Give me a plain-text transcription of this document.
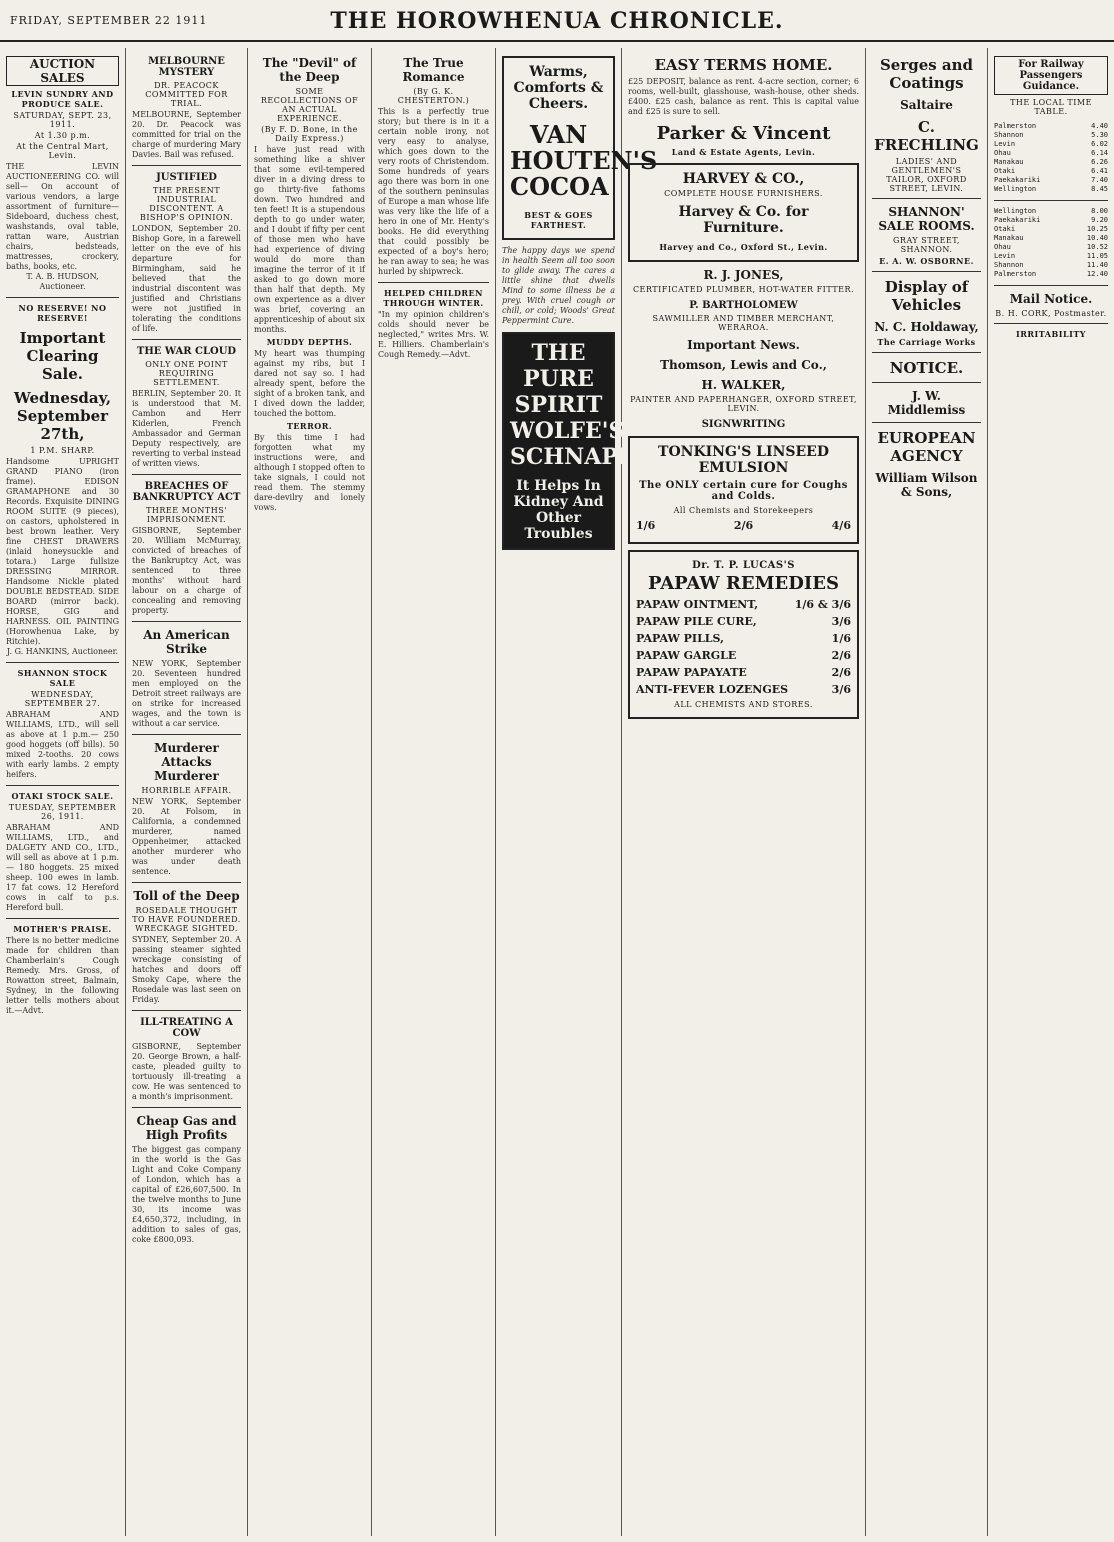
FRIDAY, SEPTEMBER 22 1911	THE HOROWHENUA CHRONICLE.
AUCTION SALES
LEVIN SUNDRY AND PRODUCE SALE.
SATURDAY, SEPT. 23, 1911.
At 1.30 p.m.
At the Central Mart, Levin.
THE LEVIN AUCTIONEERING CO. will sell— On account of various vendors, a large assortment of furniture— Sideboard, duchess chest, washstands, oval table, rattan ware, Austrian chairs, bedsteads, mattresses, crockery, baths, books, etc.
T. A. B. HUDSON, Auctioneer.
NO RESERVE! NO RESERVE!
Important Clearing Sale.
Wednesday, September 27th,
1 P.M. SHARP.
Handsome UPRIGHT GRAND PIANO (iron frame). EDISON GRAMAPHONE and 30 Records. Exquisite DINING ROOM SUITE (9 pieces), on castors, upholstered in best brown leather. Very fine CHEST DRAWERS (inlaid honeysuckle and totara.) Large fullsize DRESSING MIRROR. Handsome Nickle plated DOUBLE BEDSTEAD. SIDE BOARD (mirror back). HORSE, GIG and HARNESS. OIL PAINTING (Horowhenua Lake, by Ritchie).
J. G. HANKINS, Auctioneer.
SHANNON STOCK SALE
WEDNESDAY, SEPTEMBER 27.
ABRAHAM AND WILLIAMS, LTD., will sell as above at 1 p.m.— 250 good hoggets (off bills). 50 mixed 2-tooths. 20 cows with early lambs. 2 empty heifers.
OTAKI STOCK SALE.
TUESDAY, SEPTEMBER 26, 1911.
ABRAHAM AND WILLIAMS, LTD., and DALGETY AND CO., LTD., will sell as above at 1 p.m.— 180 hoggets. 25 mixed sheep. 100 ewes in lamb. 17 fat cows. 12 Hereford cows in calf to p.s. Hereford bull.
MOTHER'S PRAISE.
There is no better medicine made for children than Chamberlain's Cough Remedy. Mrs. Gross, of Rowatton street, Balmain, Sydney, in the following letter tells mothers about it.—Advt.
MELBOURNE MYSTERY
DR. PEACOCK COMMITTED FOR TRIAL.
MELBOURNE, September 20. Dr. Peacock was committed for trial on the charge of murdering Mary Davies. Bail was refused.
JUSTIFIED
THE PRESENT INDUSTRIAL DISCONTENT. A BISHOP'S OPINION.
LONDON, September 20. Bishop Gore, in a farewell letter on the eve of his departure for Birmingham, said he believed that the industrial discontent was justified and Christians were not justified in tolerating the conditions of life.
THE WAR CLOUD
ONLY ONE POINT REQUIRING SETTLEMENT.
BERLIN, September 20. It is understood that M. Cambon and Herr Kiderlen, French Ambassador and German Deputy respectively, are reverting to verbal instead of written views.
BREACHES OF BANKRUPTCY ACT
THREE MONTHS' IMPRISONMENT.
GISBORNE, September 20. William McMurray, convicted of breaches of the Bankruptcy Act, was sentenced to three months' without hard labour on a charge of concealing and removing property.
An American Strike
NEW YORK, September 20. Seventeen hundred men employed on the Detroit street railways are on strike for increased wages, and the town is without a car service.
Murderer Attacks Murderer
HORRIBLE AFFAIR.
NEW YORK, September 20. At Folsom, in California, a condemned murderer, named Oppenheimer, attacked another murderer who was under death sentence.
Toll of the Deep
ROSEDALE THOUGHT TO HAVE FOUNDERED. WRECKAGE SIGHTED.
SYDNEY, September 20. A passing steamer sighted wreckage consisting of hatches and doors off Smoky Cape, where the Rosedale was last seen on Friday.
ILL-TREATING A COW
GISBORNE, September 20. George Brown, a half-caste, pleaded guilty to tortuously ill-treating a cow. He was sentenced to a month's imprisonment.
Cheap Gas and High Profits
The biggest gas company in the world is the Gas Light and Coke Company of London, which has a capital of £26,607,500. In the twelve months to June 30, its income was £4,650,372, including, in addition to sales of gas, coke £800,093.
The "Devil" of the Deep
SOME RECOLLECTIONS OF AN ACTUAL EXPERIENCE.
(By F. D. Bone, in the Daily Express.)
I have just read with something like a shiver that some evil-tempered diver in a diving dress to go thirty-five fathoms down. Two hundred and ten feet! It is a stupendous depth to go under water, and I doubt if fifty per cent of those men who have had experience of diving would do more than imagine the terror of it if asked to go down more than half that depth. My own experience as a diver was brief, covering an apprenticeship of about six months.
MUDDY DEPTHS.
My heart was thumping against my ribs, but I dared not say so. I had already spent, before the sight of a broken tank, and I dived down the ladder, touched the bottom.
TERROR.
By this time I had forgotten what my instructions were, and although I stopped often to take signals, I could not read them. The stemmy dare-devilry and lonely vows.
The True Romance
(By G. K. CHESTERTON.)
This is a perfectly true story; but there is in it a certain noble irony, not very easy to analyse, which goes down to the very roots of Christendom. Some hundreds of years ago there was born in one of the southern peninsulas of Europe a man whose life was very like the life of a hero in one of Mr. Henty's books. He did everything that could possibly be expected of a boy's hero; he ran away to sea; he was hurled by shipwreck.
HELPED CHILDREN THROUGH WINTER.
"In my opinion children's colds should never be neglected," writes Mrs. W. E. Hilliers. Chamberlain's Cough Remedy.—Advt.
Warms, Comforts & Cheers.
VAN HOUTEN'S COCOA
BEST & GOES FARTHEST.
The happy days we spend in health Seem all too soon to glide away. The cares a little shine that dwells Mind to some illness be a prey. With cruel cough or chill, or cold; Woods' Great Peppermint Cure.
THE PURE SPIRIT WOLFE'S SCHNAPPS
It Helps In Kidney And Other Troubles
EASY TERMS HOME.
£25 DEPOSIT, balance as rent. 4-acre section, corner; 6 rooms, well-built, glasshouse, wash-house, other sheds. £400. £25 cash, balance as rent. This is capital value and £25 is sure to sell.
Parker & Vincent
Land & Estate Agents, Levin.
HARVEY & CO.,
COMPLETE HOUSE FURNISHERS.
Harvey & Co. for Furniture.
Harvey and Co., Oxford St., Levin.
R. J. JONES,
CERTIFICATED PLUMBER, HOT-WATER FITTER.
P. BARTHOLOMEW
SAWMILLER AND TIMBER MERCHANT, WERAROA.
Important News.
Thomson, Lewis and Co.,
H. WALKER,
PAINTER AND PAPERHANGER, OXFORD STREET, LEVIN.
SIGNWRITING
TONKING'S LINSEED EMULSION
The ONLY certain cure for Coughs and Colds.
All Chemists and Storekeepers
1/6	2/6	4/6
Dr. T. P. LUCAS'S
PAPAW REMEDIES
PAPAW OINTMENT,	1/6 & 3/6
PAPAW PILE CURE,	3/6
PAPAW PILLS,	1/6
PAPAW GARGLE	2/6
PAPAW PAPAYATE	2/6
ANTI-FEVER LOZENGES	3/6
ALL CHEMISTS AND STORES.
Serges and Coatings
Saltaire
C. FRECHLING
LADIES' AND GENTLEMEN'S TAILOR, OXFORD STREET, LEVIN.
SHANNON' SALE ROOMS.
GRAY STREET, SHANNON.
E. A. W. OSBORNE.
Display of Vehicles
N. C. Holdaway,
The Carriage Works
NOTICE.
J. W. Middlemiss
EUROPEAN AGENCY
William Wilson & Sons,
For Railway Passengers Guidance.
THE LOCAL TIME TABLE.
Palmerston	4.40
Shannon	5.30
Levin	6.02
Ohau	6.14
Manakau	6.26
Otaki	6.41
Paekakariki	7.40
Wellington	8.45
Wellington	8.00
Paekakariki	9.20
Otaki	10.25
Manakau	10.40
Ohau	10.52
Levin	11.05
Shannon	11.40
Palmerston	12.40
Mail Notice.
B. H. CORK, Postmaster.
IRRITABILITY
